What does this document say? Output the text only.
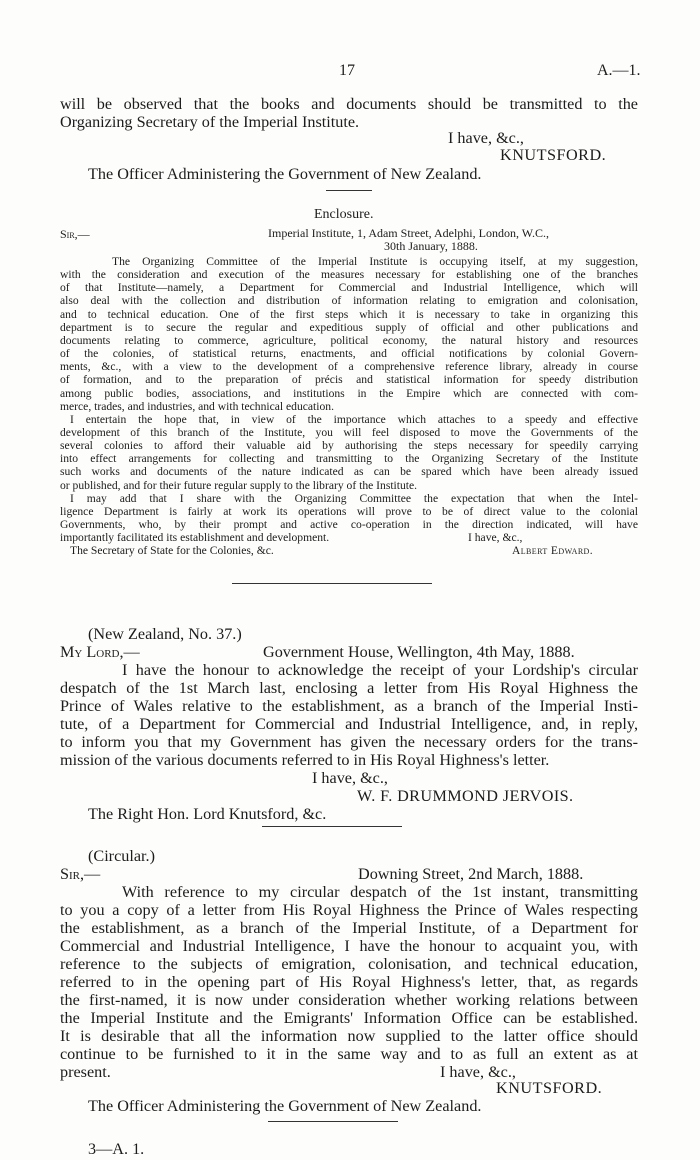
17	A.—1.
will be observed that the books and documents should be transmitted to the
Organizing Secretary of the Imperial Institute.
I have, &c.,
KNUTSFORD.
The Officer Administering the Government of New Zealand.
Enclosure.
Sir,—	Imperial Institute, 1, Adam Street, Adelphi, London, W.C.,
30th January, 1888.
The Organizing Committee of the Imperial Institute is occupying itself, at my suggestion,
with the consideration and execution of the measures necessary for establishing one of the branches
of that Institute—namely, a Department for Commercial and Industrial Intelligence, which will
also deal with the collection and distribution of information relating to emigration and colonisation,
and to technical education. One of the first steps which it is necessary to take in organizing this
department is to secure the regular and expeditious supply of official and other publications and
documents relating to commerce, agriculture, political economy, the natural history and resources
of the colonies, of statistical returns, enactments, and official notifications by colonial Govern-
ments, &c., with a view to the development of a comprehensive reference library, already in course
of formation, and to the preparation of précis and statistical information for speedy distribution
among public bodies, associations, and institutions in the Empire which are connected with com-
merce, trades, and industries, and with technical education.
I entertain the hope that, in view of the importance which attaches to a speedy and effective
development of this branch of the Institute, you will feel disposed to move the Governments of the
several colonies to afford their valuable aid by authorising the steps necessary for speedily carrying
into effect arrangements for collecting and transmitting to the Organizing Secretary of the Institute
such works and documents of the nature indicated as can be spared which have been already issued
or published, and for their future regular supply to the library of the Institute.
I may add that I share with the Organizing Committee the expectation that when the Intel-
ligence Department is fairly at work its operations will prove to be of direct value to the colonial
Governments, who, by their prompt and active co-operation in the direction indicated, will have
importantly facilitated its establishment and development.	I have, &c.,
The Secretary of State for the Colonies, &c.	Albert Edward.
(New Zealand, No. 37.)
My Lord,—	Government House, Wellington, 4th May, 1888.
I have the honour to acknowledge the receipt of your Lordship's circular
despatch of the 1st March last, enclosing a letter from His Royal Highness the
Prince of Wales relative to the establishment, as a branch of the Imperial Insti-
tute, of a Department for Commercial and Industrial Intelligence, and, in reply,
to inform you that my Government has given the necessary orders for the trans-
mission of the various documents referred to in His Royal Highness's letter.
I have, &c.,
W. F. DRUMMOND JERVOIS.
The Right Hon. Lord Knutsford, &c.
(Circular.)
Sir,—	Downing Street, 2nd March, 1888.
With reference to my circular despatch of the 1st instant, transmitting
to you a copy of a letter from His Royal Highness the Prince of Wales respecting
the establishment, as a branch of the Imperial Institute, of a Department for
Commercial and Industrial Intelligence, I have the honour to acquaint you, with
reference to the subjects of emigration, colonisation, and technical education,
referred to in the opening part of His Royal Highness's letter, that, as regards
the first-named, it is now under consideration whether working relations between
the Imperial Institute and the Emigrants' Information Office can be established.
It is desirable that all the information now supplied to the latter office should
continue to be furnished to it in the same way and to as full an extent as at
present.	I have, &c.,
KNUTSFORD.
The Officer Administering the Government of New Zealand.
3—A. 1.
